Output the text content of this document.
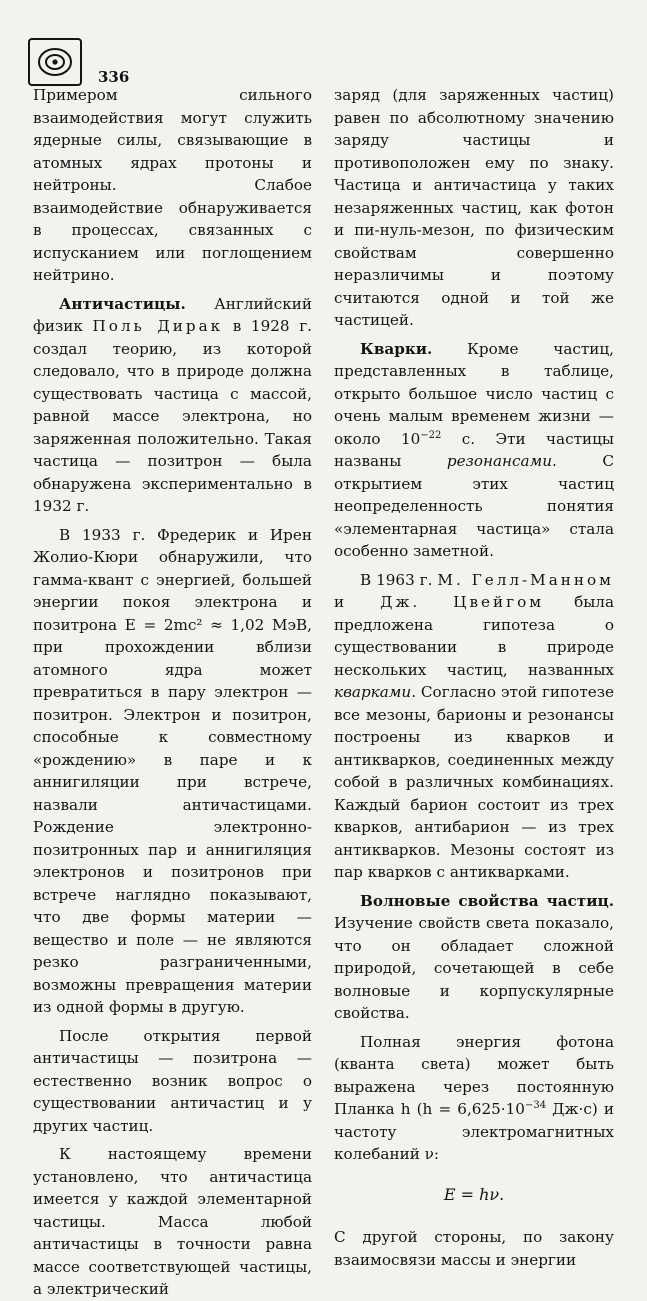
336

Примером сильного взаимодействия могут служить ядерные силы, связывающие в атомных ядрах протоны и нейтроны. Слабое взаимодействие обнаруживается в процессах, связанных с испусканием или поглощением нейтрино.

Античастицы. Английский физик Поль Дирак в 1928 г. создал теорию, из которой следовало, что в природе должна существовать частица с массой, равной массе электрона, но заряженная положительно. Такая частица — позитрон — была обнаружена экспериментально в 1932 г.

В 1933 г. Фредерик и Ирен Жолио-Кюри обнаружили, что гамма-квант с энергией, большей энергии покоя электрона и позитрона E = 2mc² ≈ 1,02 МэВ, при прохождении вблизи атомного ядра может превратиться в пару электрон — позитрон. Электрон и позитрон, способные к совместному «рождению» в паре и к аннигиляции при встрече, назвали античастицами. Рождение электронно-позитронных пар и аннигиляция электронов и позитронов при встрече наглядно показывают, что две формы материи — вещество и поле — не являются резко разграниченными, возможны превращения материи из одной формы в другую.

После открытия первой античастицы — позитрона — естественно возник вопрос о существовании античастиц и у других частиц.

К настоящему времени установлено, что античастица имеется у каждой элементарной частицы. Масса любой античастицы в точности равна массе соответствующей частицы, а электрический

заряд (для заряженных частиц) равен по абсолютному значению заряду частицы и противоположен ему по знаку. Частица и античастица у таких незаряженных частиц, как фотон и пи-нуль-мезон, по физическим свойствам совершенно неразличимы и поэтому считаются одной и той же частицей.

Кварки. Кроме частиц, представленных в таблице, открыто большое число частиц с очень малым временем жизни — около $10^{-22}$ с. Эти частицы названы резонансами. С открытием этих частиц неопределенность понятия «элементарная частица» стала особенно заметной.

В 1963 г. М. Гелл-Манном и Дж. Цвейгом была предложена гипотеза о существовании в природе нескольких частиц, названных кварками. Согласно этой гипотезе все мезоны, барионы и резонансы построены из кварков и антикварков, соединенных между собой в различных комбинациях. Каждый барион состоит из трех кварков, антибарион — из трех антикварков. Мезоны состоят из пар кварков с антикварками.

Волновые свойства частиц. Изучение свойств света показало, что он обладает сложной природой, сочетающей в себе волновые и корпускулярные свойства.

Полная энергия фотона (кванта света) может быть выражена через постоянную Планка h ($h = 6,625\cdot 10^{-34}$ Дж·с) и частоту электромагнитных колебаний ν:

E = hν.

С другой стороны, по закону взаимосвязи массы и энергии
